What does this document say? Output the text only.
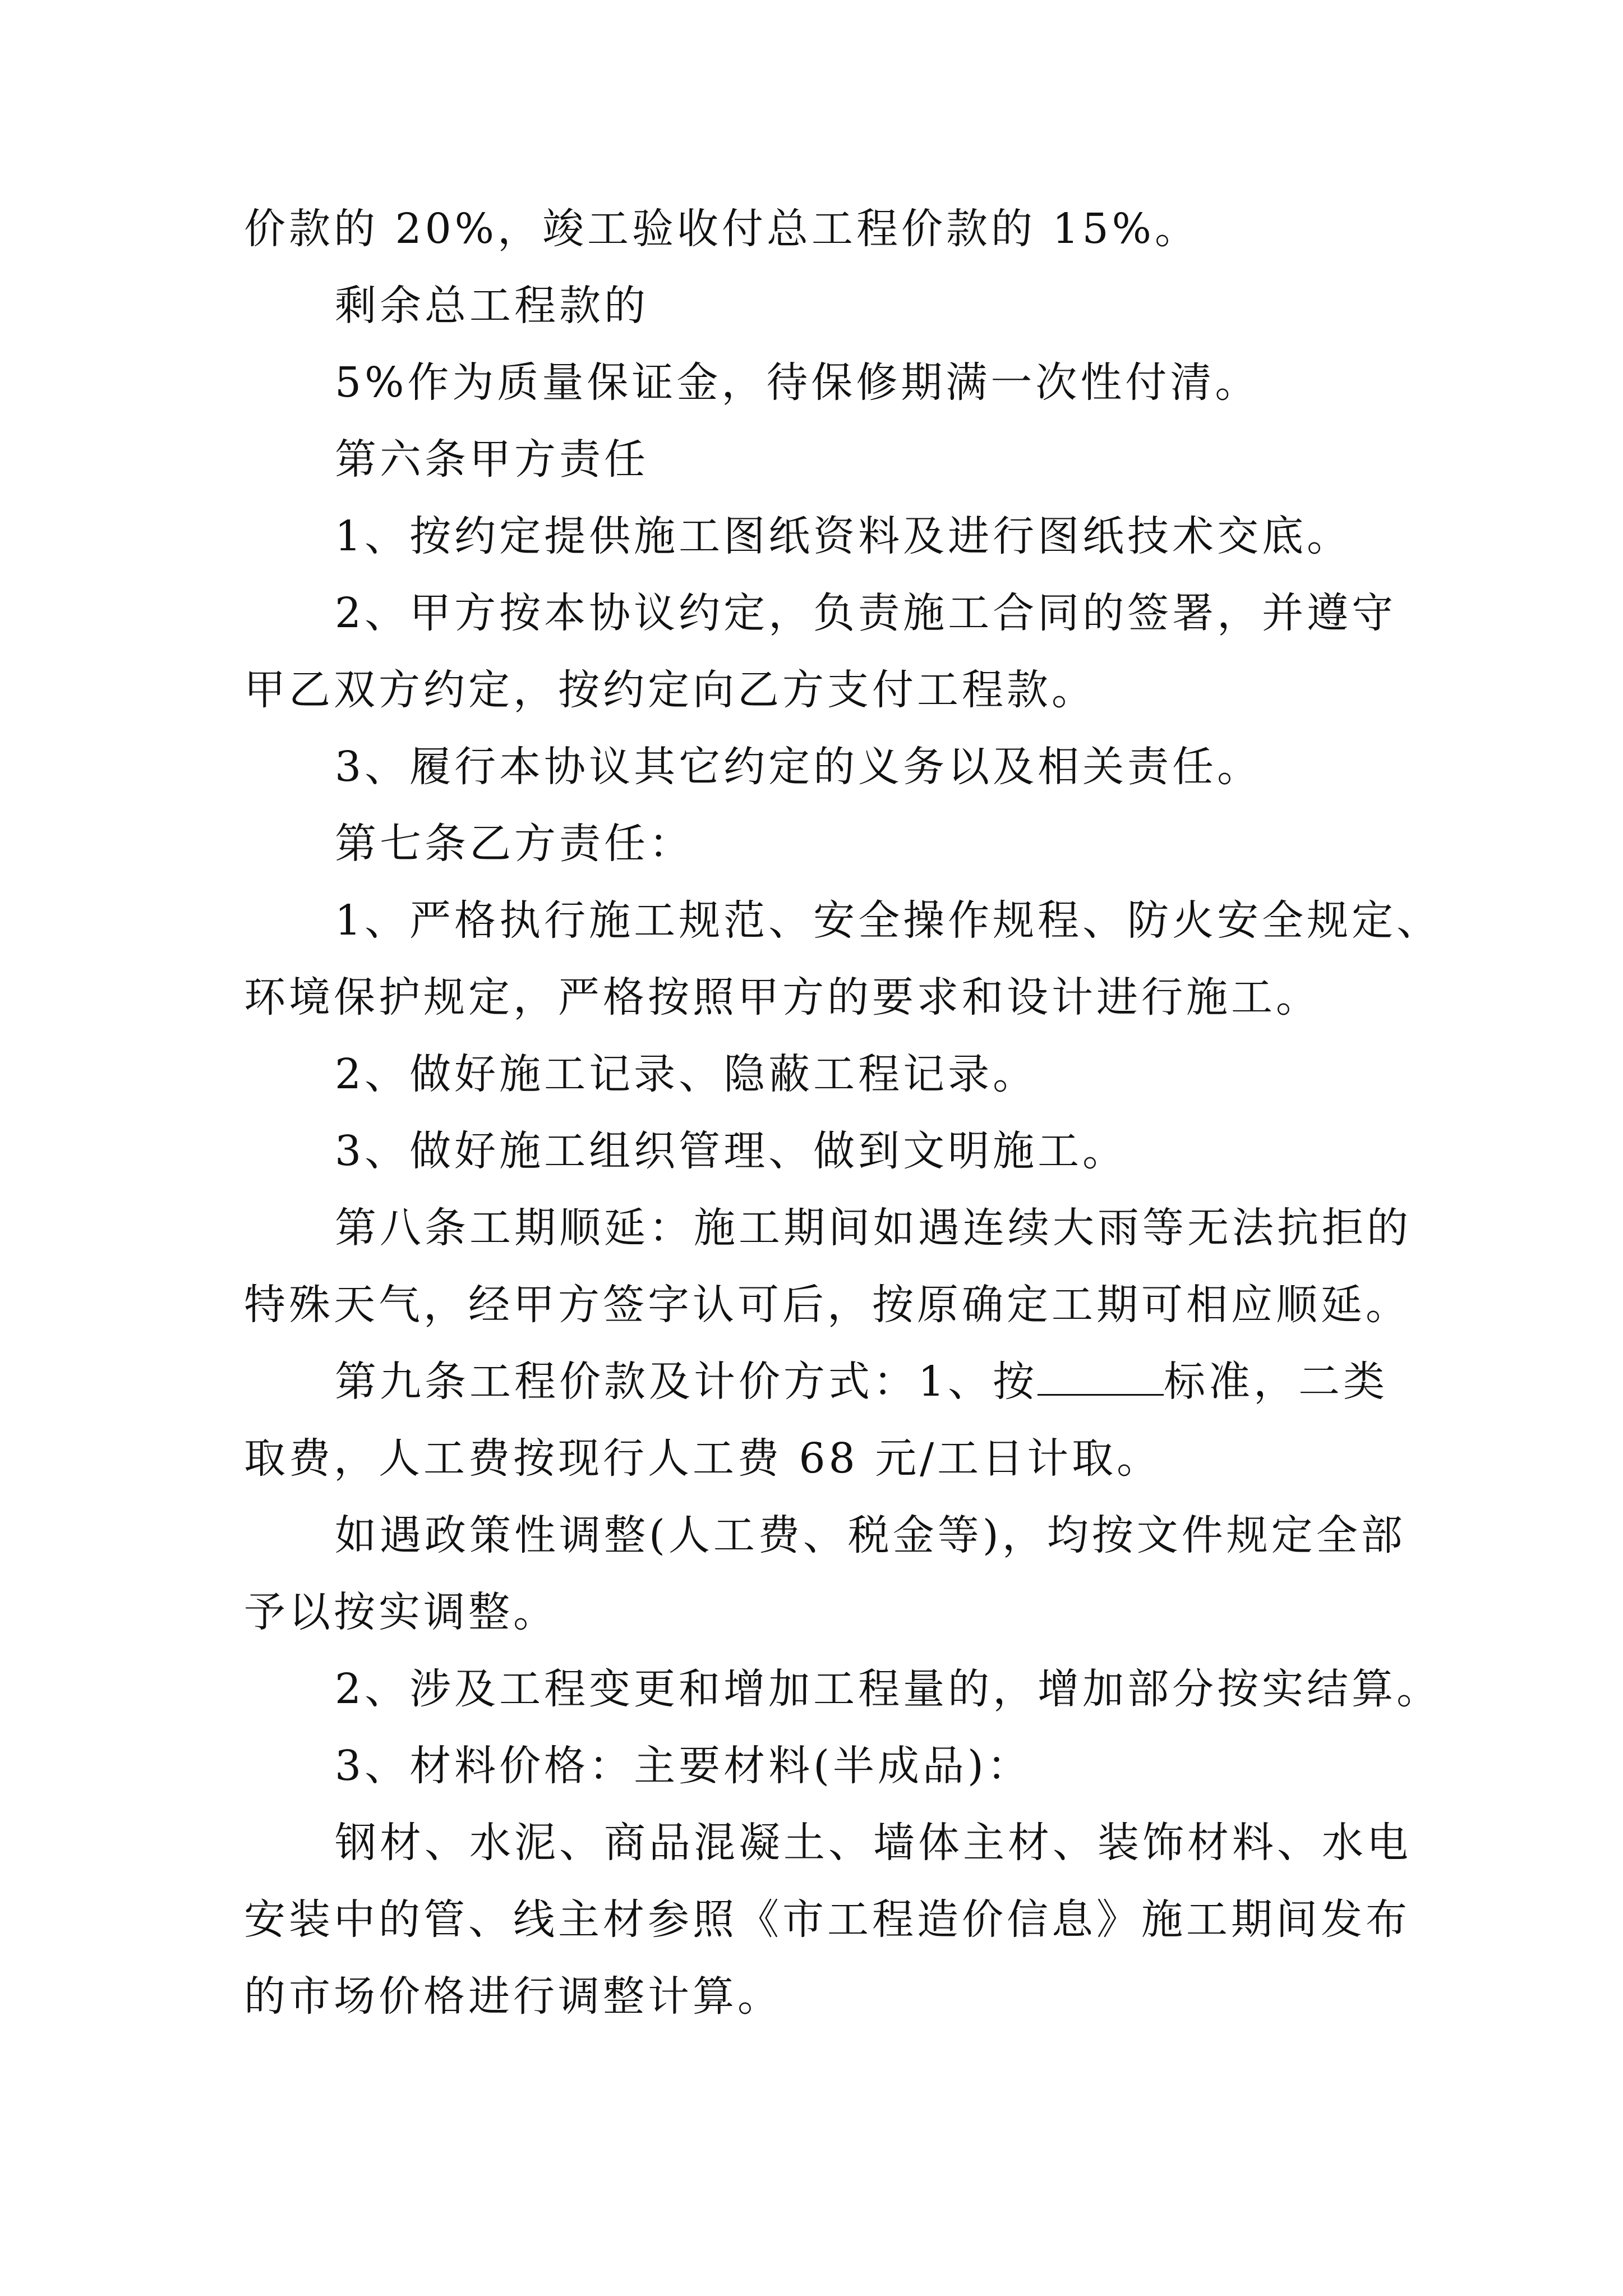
价款的 20%，竣工验收付总工程价款的 15%。
剩余总工程款的
5%作为质量保证金，待保修期满一次性付清。
第六条甲方责任
1、按约定提供施工图纸资料及进行图纸技术交底。
2、甲方按本协议约定，负责施工合同的签署，并遵守
甲乙双方约定，按约定向乙方支付工程款。
3、履行本协议其它约定的义务以及相关责任。
第七条乙方责任：
1、严格执行施工规范、安全操作规程、防火安全规定、
环境保护规定，严格按照甲方的要求和设计进行施工。
2、做好施工记录、隐蔽工程记录。
3、做好施工组织管理、做到文明施工。
第八条工期顺延：施工期间如遇连续大雨等无法抗拒的
特殊天气，经甲方签字认可后，按原确定工期可相应顺延。
第九条工程价款及计价方式：1、按	标准，二类
取费，人工费按现行人工费 68 元/工日计取。
如遇政策性调整(人工费、税金等)，均按文件规定全部
予以按实调整。
2、涉及工程变更和增加工程量的，增加部分按实结算。
3、材料价格：主要材料(半成品)：
钢材、水泥、商品混凝土、墙体主材、装饰材料、水电
安装中的管、线主材参照《市工程造价信息》施工期间发布
的市场价格进行调整计算。
